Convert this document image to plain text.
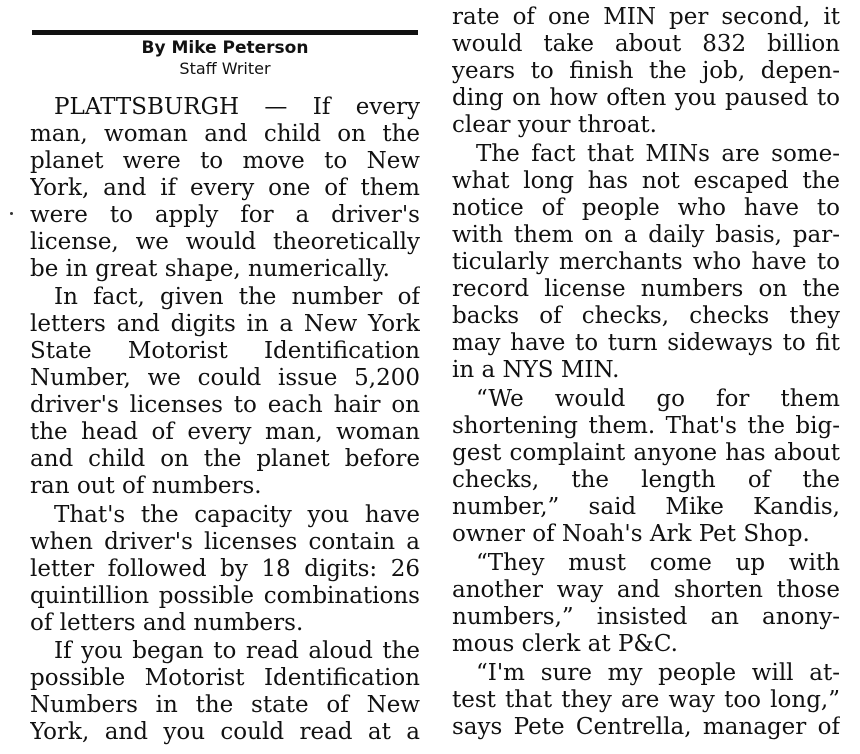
By Mike Peterson
Staff Writer
PLATTSBURGH — If every
man, woman and child on the
planet were to move to New
York, and if every one of them
were to apply for a driver's
license, we would theoretically
be in great shape, numerically.
In fact, given the number of
letters and digits in a New York
State Motorist Identification
Number, we could issue 5,200
driver's licenses to each hair on
the head of every man, woman
and child on the planet before
ran out of numbers.
That's the capacity you have
when driver's licenses contain a
letter followed by 18 digits: 26
quintillion possible combinations
of letters and numbers.
If you began to read aloud the
possible Motorist Identification
Numbers in the state of New
York, and you could read at a
rate of one MIN per second, it
would take about 832 billion
years to finish the job, depen-
ding on how often you paused to
clear your throat.
The fact that MINs are some-
what long has not escaped the
notice of people who have to
with them on a daily basis, par-
ticularly merchants who have to
record license numbers on the
backs of checks, checks they
may have to turn sideways to fit
in a NYS MIN.
“We would go for them
shortening them. That's the big-
gest complaint anyone has about
checks, the length of the
number,” said Mike Kandis,
owner of Noah's Ark Pet Shop.
“They must come up with
another way and shorten those
numbers,” insisted an anony-
mous clerk at P&C.
“I'm sure my people will at-
test that they are way too long,”
says Pete Centrella, manager of
